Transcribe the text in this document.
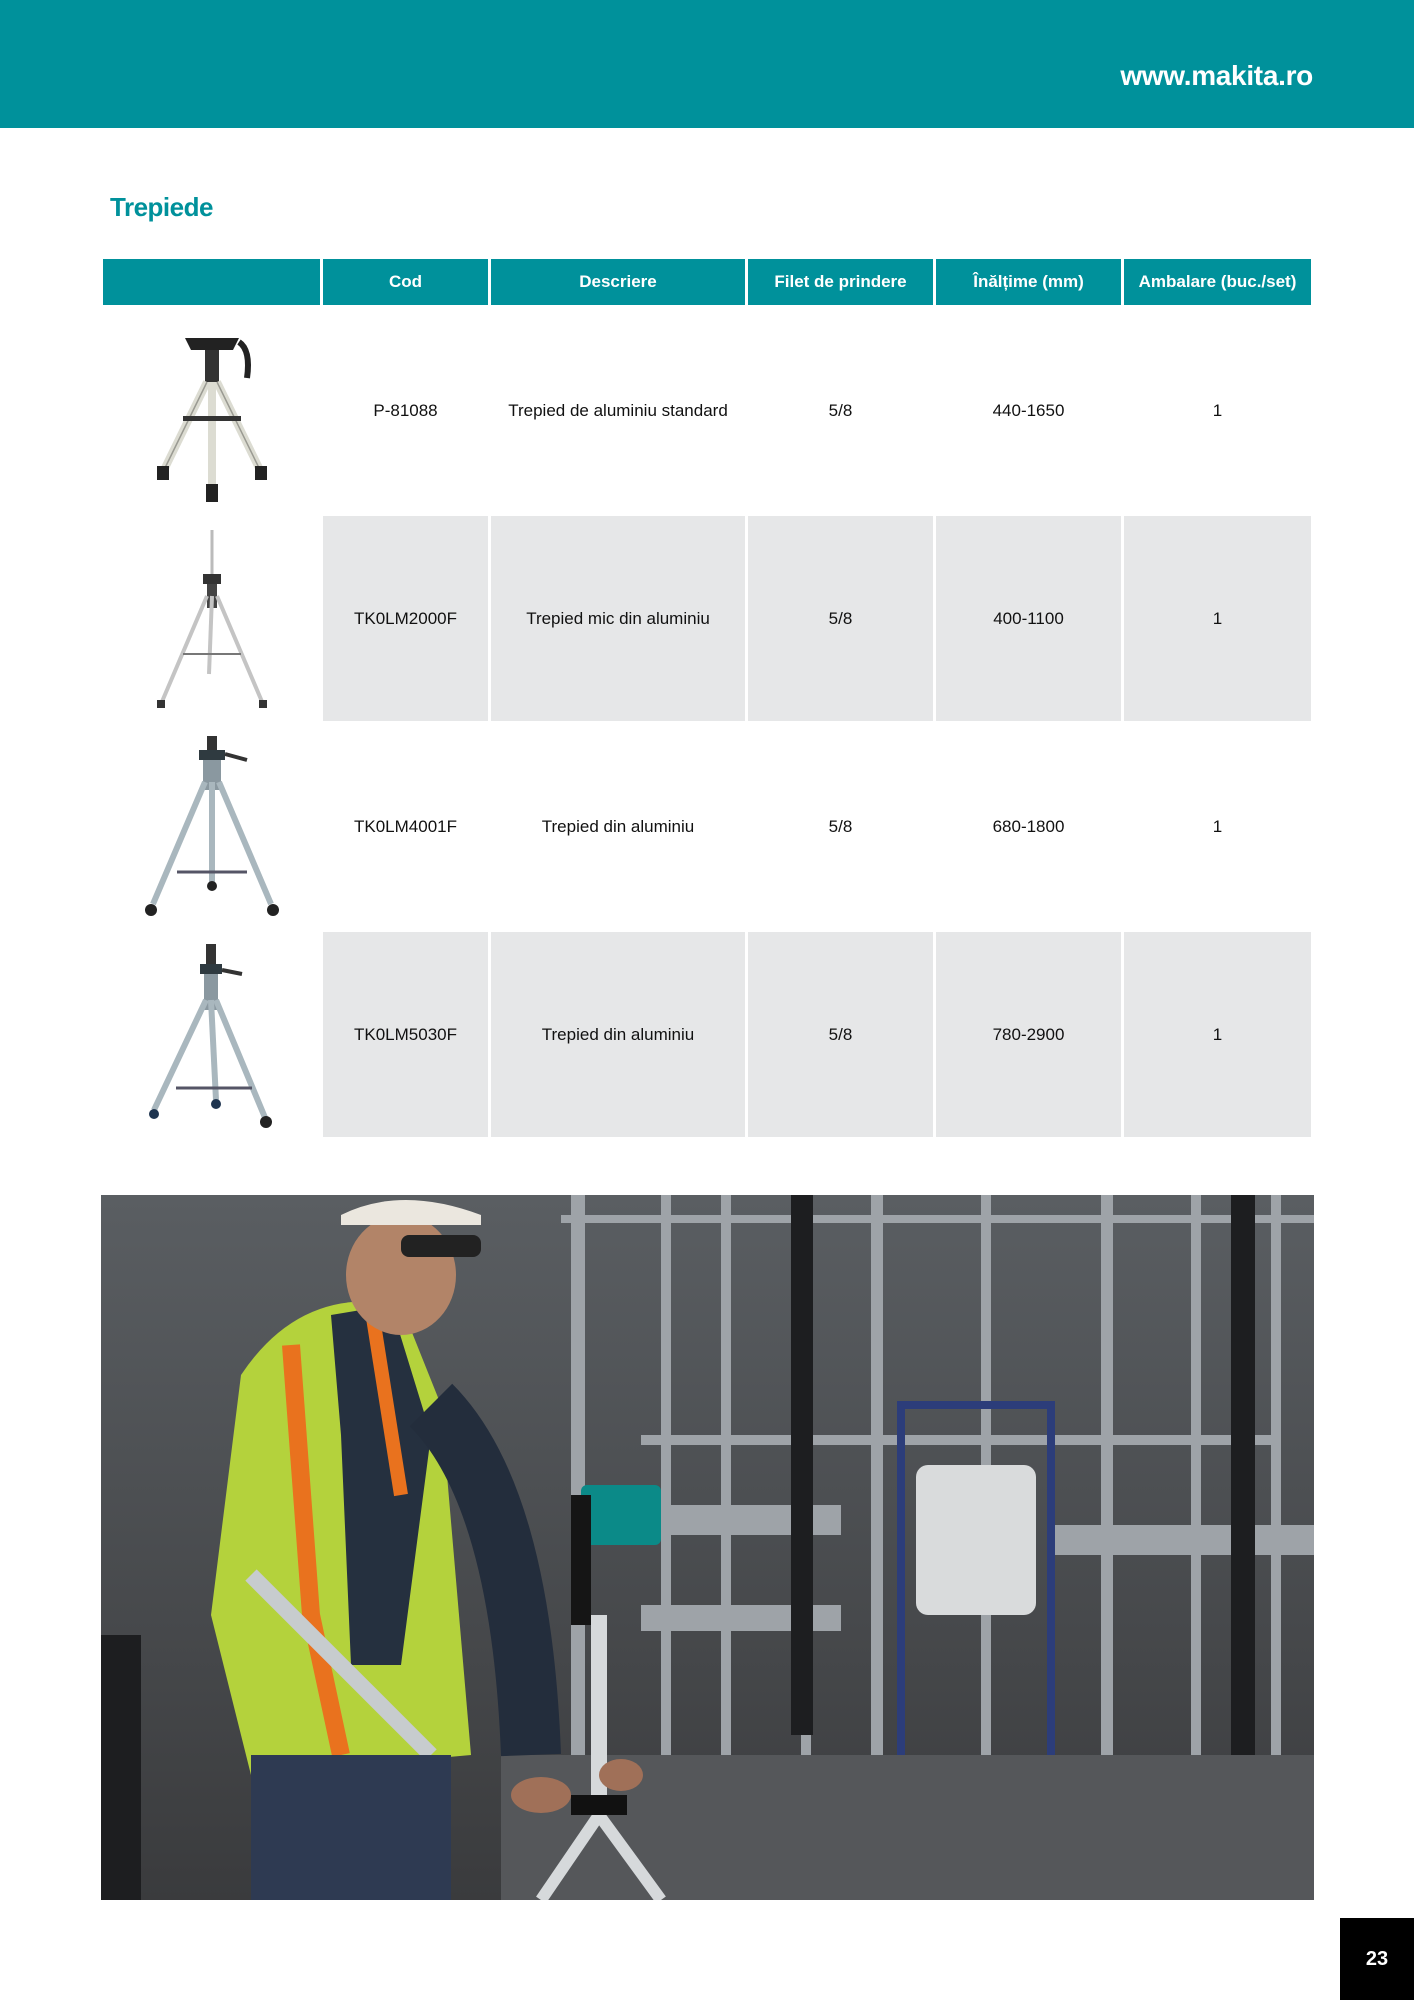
www.makita.ro
Trepiede
Cod	Descriere	Filet de prindere	Înălțime (mm)	Ambalare (buc./set)
P-81088	Trepied de aluminiu standard	5/8	440-1650	1
TK0LM2000F	Trepied mic din aluminiu	5/8	400-1100	1
TK0LM4001F	Trepied din aluminiu	5/8	680-1800	1
TK0LM5030F	Trepied din aluminiu	5/8	780-2900	1
23
